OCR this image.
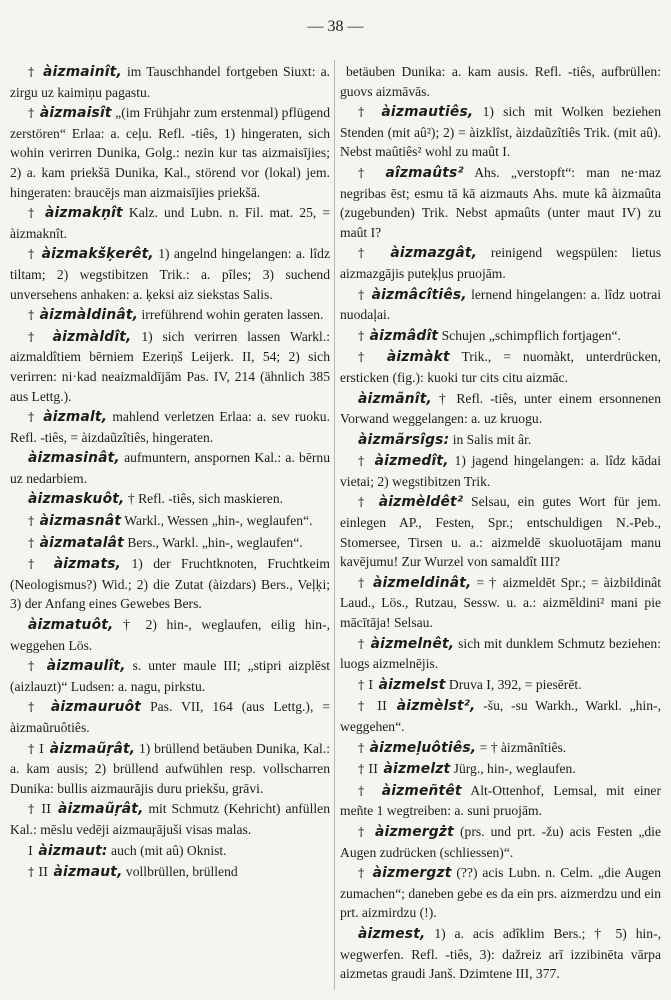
— 38 —

† àizmainît, im Tauschhandel fortgeben Siuxt: a. zirgu uz kaimiņu pagastu.

† àizmaisît „(im Frühjahr zum erstenmal) pflügend zerstören“ Erlaa: a. ceļu. Refl. -tiês, 1) hingeraten, sich wohin verirren Dunika, Golg.: nezin kur tas aizmaisījies; 2) a. kam priekšā Dunika, Kal., störend vor (lokal) jem. hingeraten: braucējs man aizmaisījies priekšā.

† àizmakņît Kalz. und Lubn. n. Fil. mat. 25, = àizmaknît.

† àizmakšķerêt, 1) angelnd hingelangen: a. lîdz tiltam; 2) wegstibitzen Trik.: a. pîles; 3) suchend unversehens anhaken: a. ķeksi aiz siekstas Salis.

† àizmàldinât, irreführend wohin geraten lassen.

† àizmàldît, 1) sich verirren lassen Warkl.: aizmaldîtiem bērniem Ezeriņš Leijerk. II, 54; 2) sich verirren: ni·kad neaizmaldījām Pas. IV, 214 (ähnlich 385 aus Lettg.).

† àizmalt, mahlend verletzen Erlaa: a. sev ruoku. Refl. -tiês, = àizdaũzîtiês, hingeraten.

àizmasinât, aufmuntern, anspornen Kal.: a. bērnu uz nedarbiem.

àizmaskuôt, † Refl. -tiês, sich maskieren.

† àizmasnât Warkl., Wessen „hin-, weglaufen“.

† àizmatalât Bers., Warkl. „hin-, weglaufen“.

† àizmats, 1) der Fruchtknoten, Fruchtkeim (Neologismus?) Wid.; 2) die Zutat (àizdars) Bers., Veļķi; 3) der Anfang eines Gewebes Bers.

àizmatuôt, † 2) hin-, weglaufen, eilig hin-, weggehen Lös.

† àizmaulît, s. unter maule III; „stipri aizplēst (aizlauzt)“ Ludsen: a. nagu, pirkstu.

† àizmauruôt Pas. VII, 164 (aus Lettg.), = àizmaũruôtiês.

† I àizmaũŗât, 1) brüllend betäuben Dunika, Kal.: a. kam ausis; 2) brüllend aufwühlen resp. vollscharren Dunika: bullis aizmaurājis duru priekšu, grāvi.

† II àizmaũŗât, mit Schmutz (Kehricht) anfüllen Kal.: mēslu vedēji aizmauŗājuši visas malas.

I àizmaut: auch (mit aû) Oknist.

† II àizmaut, vollbrüllen, brüllend

betäuben Dunika: a. kam ausis. Refl. -tiês, aufbrüllen: guovs aizmāvās.

† àizmautiês, 1) sich mit Wolken beziehen Stenden (mit aû²); 2) = àizklîst, àizdaũzîtiês Trik. (mit aû). Nebst maûtiês² wohl zu maût I.

† aîzmaûts² Ahs. „verstopft“: man ne·maz negribas ēst; esmu tā kā aizmauts Ahs. mute kâ àizmaûta (zugebunden) Trik. Nebst apmaûts (unter maut IV) zu maût I?

† àizmazgât, reinigend wegspülen: lietus aizmazgājis puteķļus pruojām.

† àizmâcîtiês, lernend hingelangen: a. lîdz uotrai nuodaļai.

† àizmâdît Schujen „schimpflich fortjagen“.

† àizmàkt Trik., = nuomàkt, unterdrücken, ersticken (fig.): kuoki tur cits citu aizmāc.

àizmãnît, † Refl. -tiês, unter einem ersonnenen Vorwand weggelangen: a. uz kruogu.

àizmãrsîgs: in Salis mit âr.

† àizmedît, 1) jagend hingelangen: a. lîdz kādai vietai; 2) wegstibitzen Trik.

† àizmèldêt² Selsau, ein gutes Wort für jem. einlegen AP., Festen, Spr.; entschuldigen N.-Peb., Stomersee, Tirsen u. a.: aizmeldē skuoluotājam manu kavējumu! Zur Wurzel von samaldît III?

† àizmeldinât, = † aizmeldēt Spr.; = àizbildinât Laud., Lös., Rutzau, Sessw. u. a.: aizmēldini² mani pie mācītāja! Selsau.

† àizmelnêt, sich mit dunklem Schmutz beziehen: luogs aizmelnējis.

† I àizmelst Druva I, 392, = piesērēt.

† II àizmèlst², -šu, -su Warkh., Warkl. „hin-, weggehen“.

† àizmeļuôtiês, = † àizmãnîtiês.

† II àizmelzt Jürg., hin-, weglaufen.

† àizmeñtêt Alt-Ottenhof, Lemsal, mit einer meñte 1 wegtreiben: a. suni pruojām.

† àizmergżt (prs. und prt. -žu) acis Festen „die Augen zudrücken (schliessen)“.

† àizmergzt (??) acis Lubn. n. Celm. „die Augen zumachen“; daneben gebe es da ein prs. aizmerdzu und ein prt. aizmirdzu (!).

àizmest, 1) a. acis adîklim Bers.; † 5) hin-, wegwerfen. Refl. -tiês, 3): dažreiz arī izzibinēta vārpa aizmetas graudi Janš. Dzimtene III, 377.
